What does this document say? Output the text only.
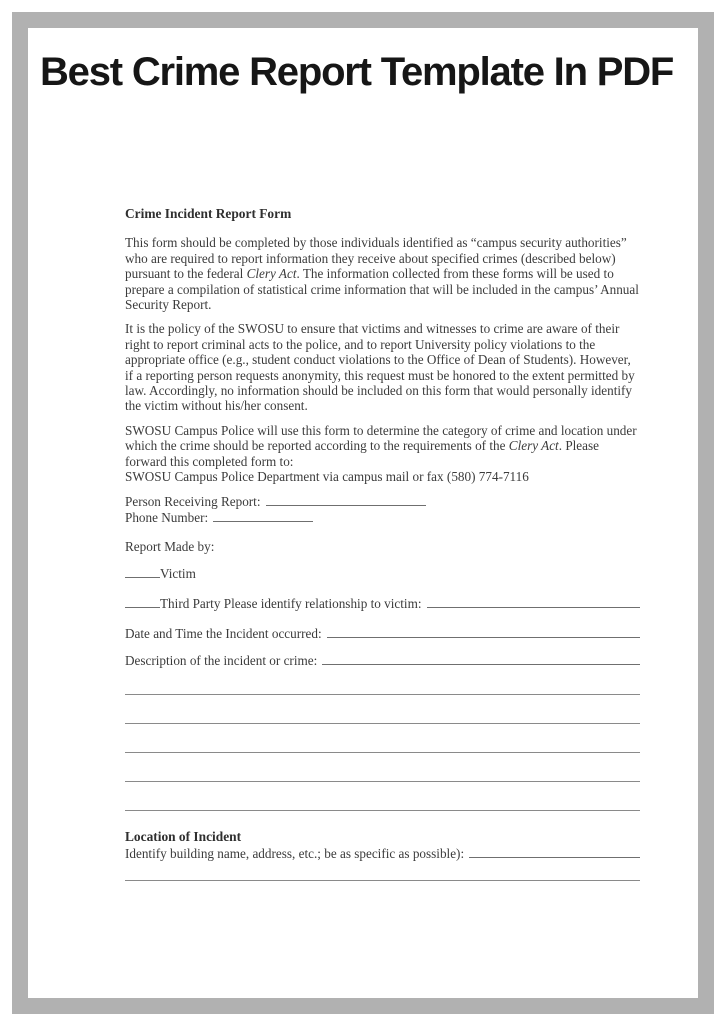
Best Crime Report Template In PDF
Crime Incident Report Form

This form should be completed by those individuals identified as “campus security authorities” who are required to report information they receive about specified crimes (described below) pursuant to the federal Clery Act. The information collected from these forms will be used to prepare a compilation of statistical crime information that will be included in the campus’ Annual Security Report.

It is the policy of the SWOSU to ensure that victims and witnesses to crime are aware of their right to report criminal acts to the police, and to report University policy violations to the appropriate office (e.g., student conduct violations to the Office of Dean of Students). However, if a reporting person requests anonymity, this request must be honored to the extent permitted by law. Accordingly, no information should be included on this form that would personally identify the victim without his/her consent.

SWOSU Campus Police will use this form to determine the category of crime and location under which the crime should be reported according to the requirements of the Clery Act. Please forward this completed form to:

SWOSU Campus Police Department via campus mail or fax (580) 774-7116

Person Receiving Report:
Phone Number:
Report Made by:
Victim
Third Party Please identify relationship to victim:
Date and Time the Incident occurred:
Description of the incident or crime:
Location of Incident
Identify building name, address, etc.; be as specific as possible):
